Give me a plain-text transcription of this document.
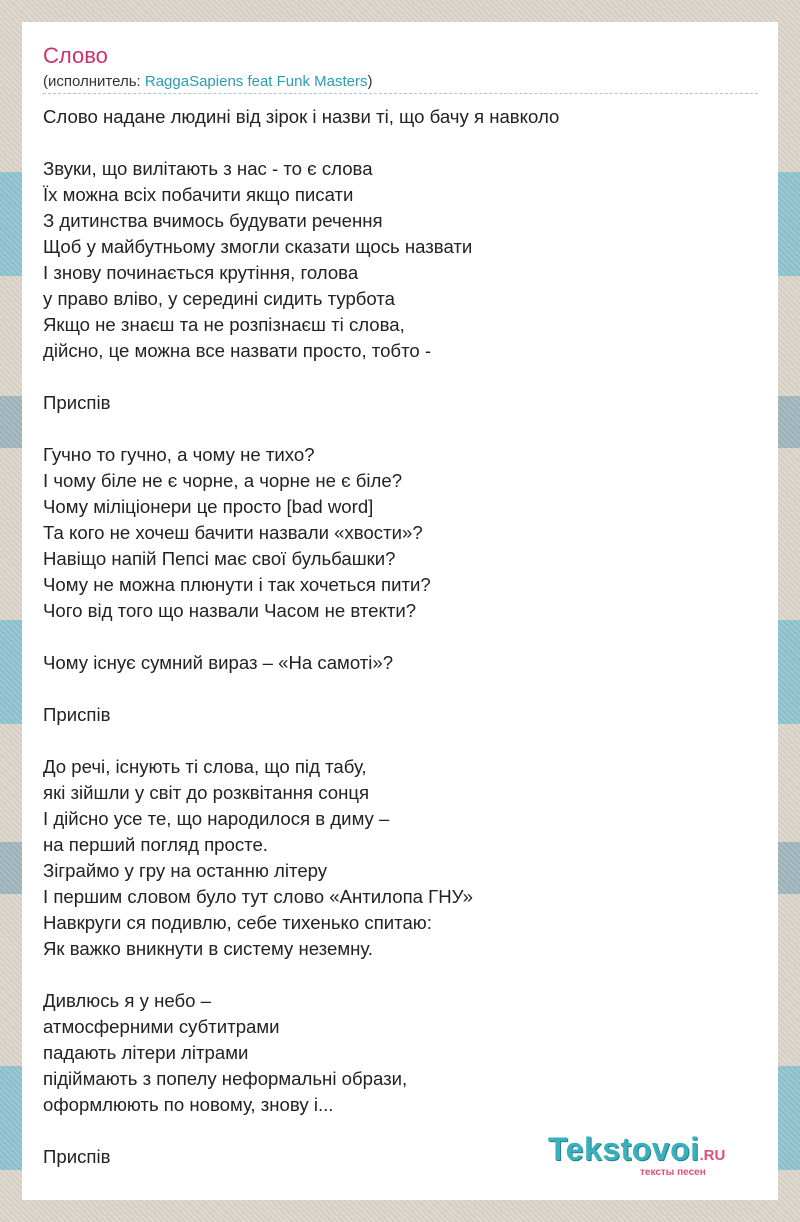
Слово
(исполнитель: RaggaSapiens feat Funk Masters)
Слово надане людині від зірок і назви ті, що бачу я навколо
Звуки, що вилітають з нас - то є слова
Їх можна всіх побачити якщо писати
З дитинства вчимось будувати речення
Щоб у майбутньому змогли сказати щось назвати
І знову починається крутіння, голова
у право вліво, у середині сидить турбота
Якщо не знаєш та не розпізнаєш ті слова,
дійсно, це можна все назвати просто, тобто -
Приспів
Гучно то гучно, а чому не тихо?
І чому біле не є чорне, а чорне не є біле?
Чому міліціонери це просто [bad word]
Та кого не хочеш бачити назвали «хвости»?
Навіщо напій Пепсі має свої бульбашки?
Чому не можна плюнути і так хочеться пити?
Чого від того що назвали Часом не втекти?
Чому існує сумний вираз – «На самоті»?
Приспів
До речі, існують ті слова, що під табу,
які зійшли у світ до розквітання сонця
І дійсно усе те, що народилося в диму –
на перший погляд просте.
Зіграймо у гру на останню літеру
І першим словом було тут слово «Антилопа ГНУ»
Навкруги ся подивлю, себе тихенько спитаю:
Як важко вникнути в систему неземну.
Дивлюсь я у небо –
атмосферними субтитрами
падають літери літрами
підіймають з попелу неформальні образи,
оформлюють по новому, знову і...
Приспів	Tekstovoi.RU
тексты песен
